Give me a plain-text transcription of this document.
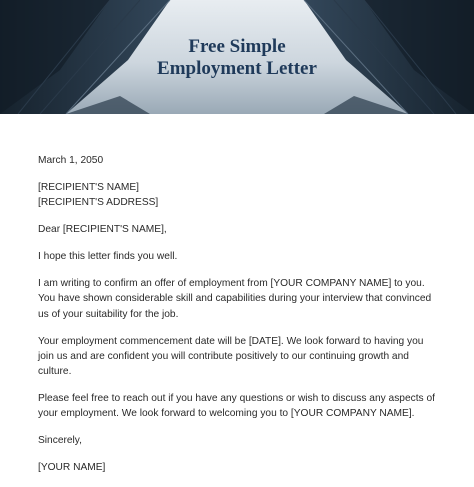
Free Simple
Employment Letter

March 1, 2050

[RECIPIENT'S NAME]
[RECIPIENT'S ADDRESS]

Dear [RECIPIENT'S NAME],

I hope this letter finds you well.

I am writing to confirm an offer of employment from [YOUR COMPANY NAME] to you.
You have shown considerable skill and capabilities during your interview that convinced
us of your suitability for the job.

Your employment commencement date will be [DATE]. We look forward to having you
join us and are confident you will contribute positively to our continuing growth and
culture.

Please feel free to reach out if you have any questions or wish to discuss any aspects of
your employment. We look forward to welcoming you to [YOUR COMPANY NAME].

Sincerely,

[YOUR NAME]
